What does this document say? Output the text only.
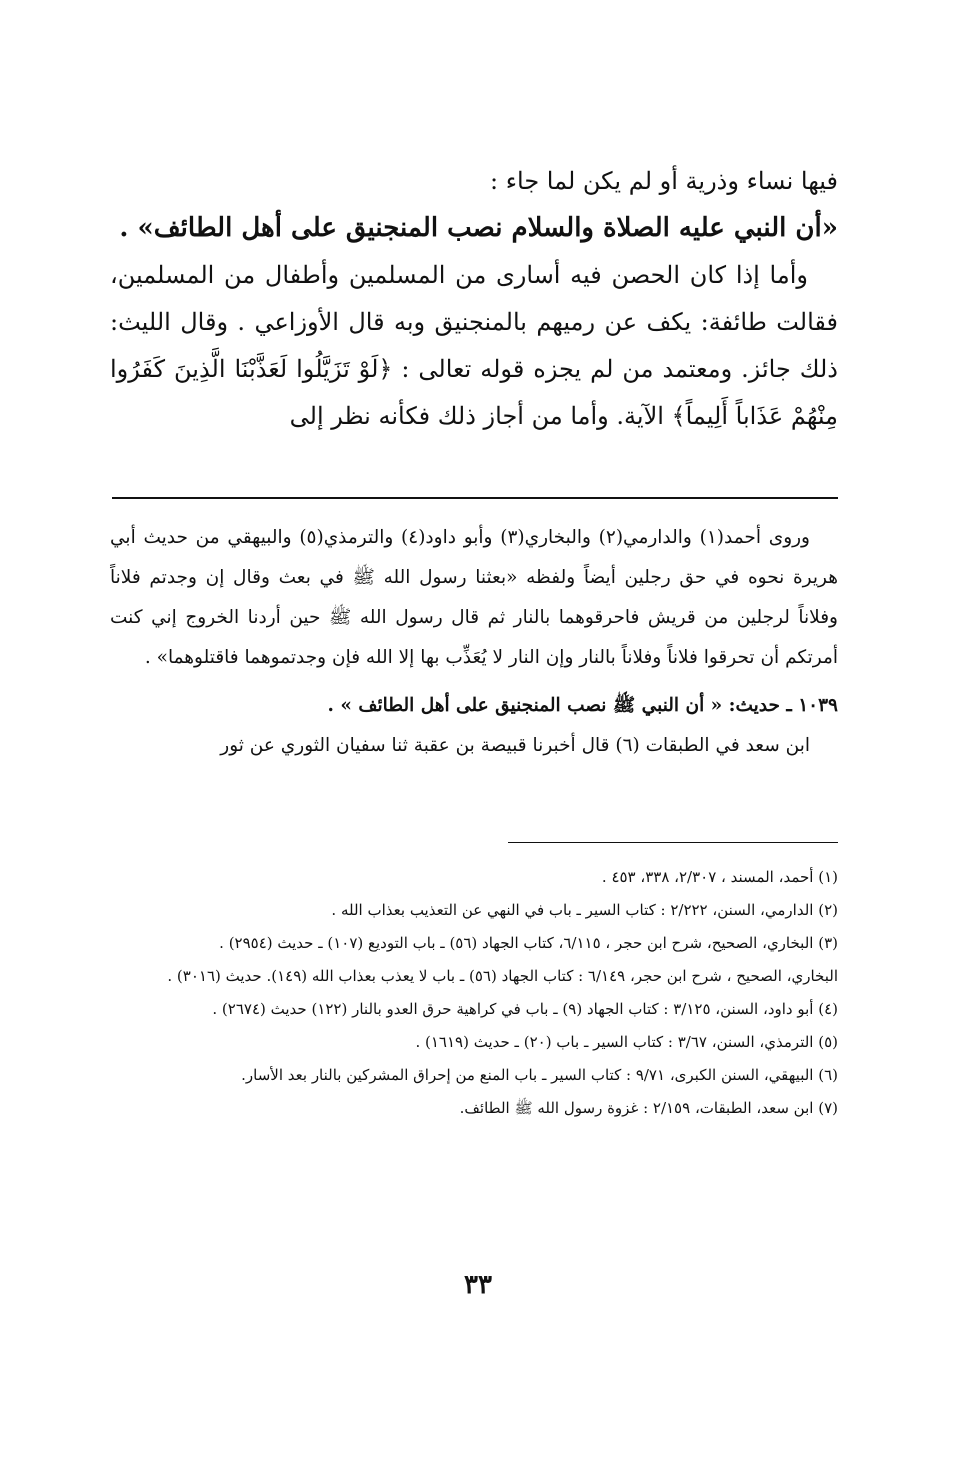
فيها نساء وذرية أو لم يكن لما جاء :

«أن النبي عليه الصلاة والسلام نصب المنجنيق على أهل الطائف» .

وأما إذا كان الحصن فيه أسارى من المسلمين وأطفال من المسلمين، فقالت طائفة: يكف عن رميهم بالمنجنيق وبه قال الأوزاعي . وقال الليث: ذلك جائز. ومعتمد من لم يجزه قوله تعالى : ﴿لَوْ تَزَيَّلُوا لَعَذَّبْنَا الَّذِينَ كَفَرُوا مِنْهُمْ عَذَاباً أَلِيماً﴾ الآية. وأما من أجاز ذلك فكأنه نظر إلى

وروى أحمد(١) والدارمي(٢) والبخاري(٣) وأبو داود(٤) والترمذي(٥) والبيهقي من حديث أبي هريرة نحوه في حق رجلين أيضاً ولفظه «بعثنا رسول الله ﷺ في بعث وقال إن وجدتم فلاناً وفلاناً لرجلين من قريش فاحرقوهما بالنار ثم قال رسول الله ﷺ حين أردنا الخروج إني كنت أمرتكم أن تحرقوا فلاناً وفلاناً بالنار وإن النار لا يُعَذِّب بها إلا الله فإن وجدتموهما فاقتلوهما» .

١٠٣٩ ـ حديث: « أن النبي ﷺ نصب المنجنيق على أهل الطائف » .

ابن سعد في الطبقات (٦) قال أخبرنا قبيصة بن عقبة ثنا سفيان الثوري عن ثور

(١) أحمد، المسند ، ٢/٣٠٧، ٣٣٨، ٤٥٣ .

(٢) الدارمي، السنن، ٢/٢٢٢ : كتاب السير ـ باب في النهي عن التعذيب بعذاب الله .

(٣) البخاري، الصحيح، شرح ابن حجر ، ٦/١١٥، كتاب الجهاد (٥٦) ـ باب التوديع (١٠٧) ـ حديث (٢٩٥٤) .

البخاري، الصحيح ، شرح ابن حجر، ٦/١٤٩ : كتاب الجهاد (٥٦) ـ باب لا يعذب بعذاب الله (١٤٩). حديث (٣٠١٦) .

(٤) أبو داود، السنن، ٣/١٢٥ : كتاب الجهاد (٩) ـ باب في كراهية حرق العدو بالنار (١٢٢) حديث (٢٦٧٤) .

(٥) الترمذي، السنن، ٣/٦٧ : كتاب السير ـ باب (٢٠) ـ حديث (١٦١٩) .

(٦) البيهقي، السنن الكبرى، ٩/٧١ : كتاب السير ـ باب المنع من إحراق المشركين بالنار بعد الأسار.

(٧) ابن سعد، الطبقات، ٢/١٥٩ : غزوة رسول الله ﷺ الطائف.

٣٣
